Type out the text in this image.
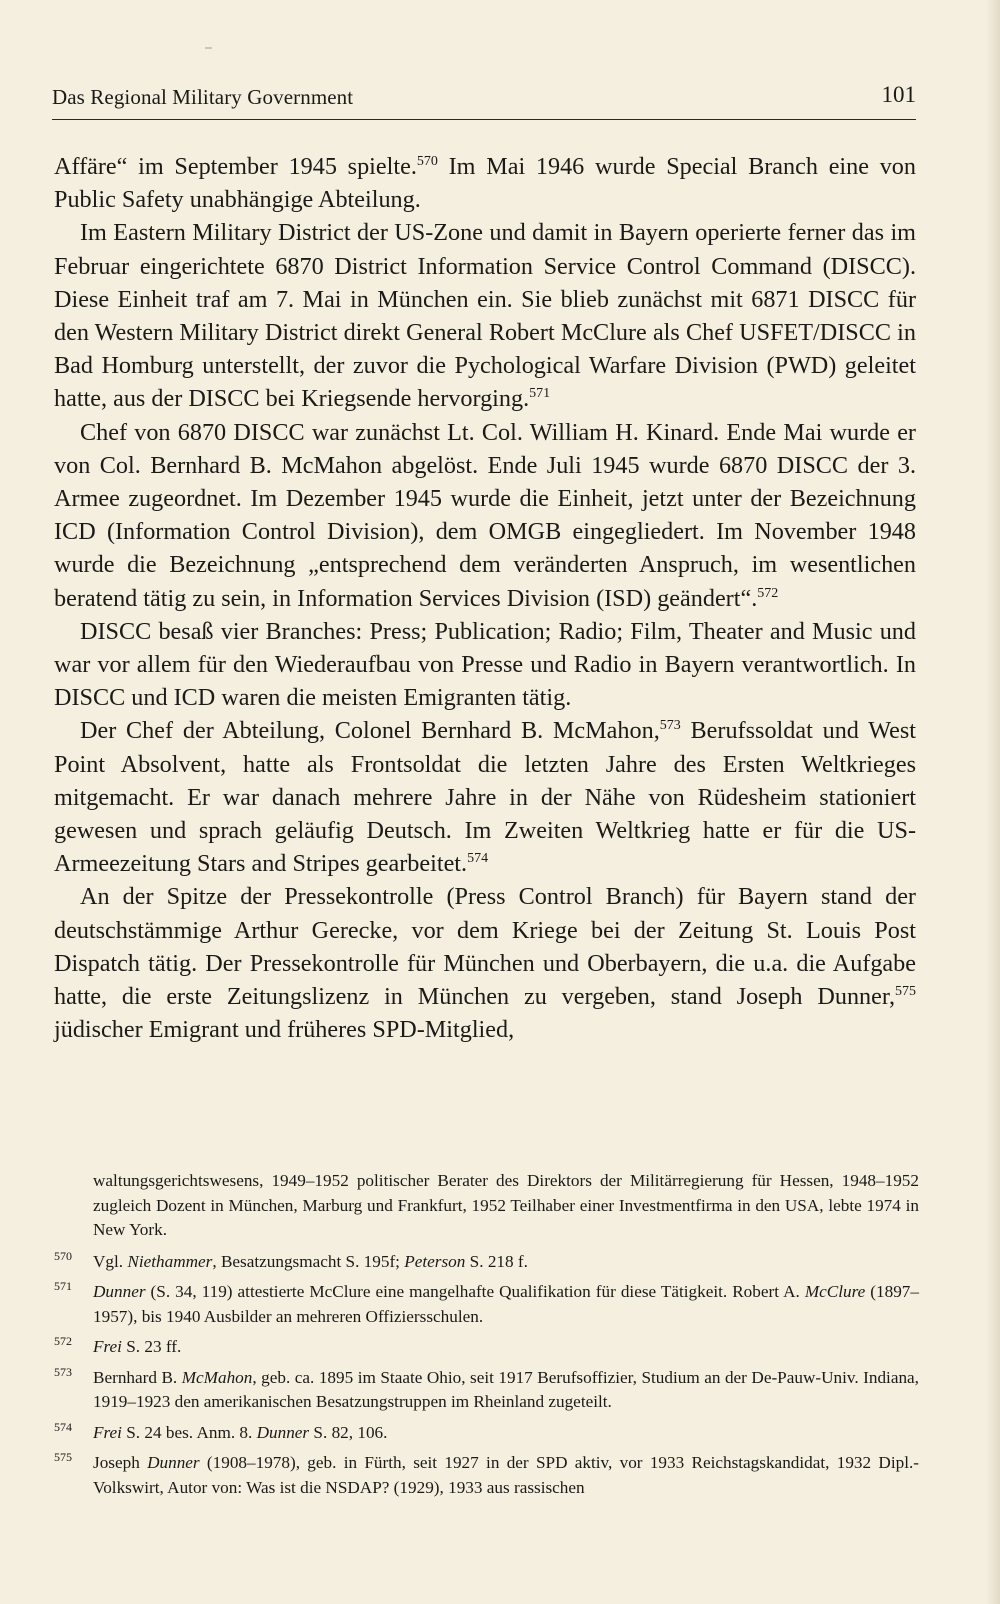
Das Regional Military Government	101

Affäre“ im September 1945 spielte.$^{570}$ Im Mai 1946 wurde Special Branch eine von Public Safety unabhängige Abteilung.

Im Eastern Military District der US-Zone und damit in Bayern operierte ferner das im Februar eingerichtete 6870 District Information Service Control Command (DISCC). Diese Einheit traf am 7. Mai in München ein. Sie blieb zunächst mit 6871 DISCC für den Western Military District direkt General Robert McClure als Chef USFET/DISCC in Bad Homburg unterstellt, der zuvor die Pychological Warfare Division (PWD) geleitet hatte, aus der DISCC bei Kriegsende hervorging.$^{571}$

Chef von 6870 DISCC war zunächst Lt. Col. William H. Kinard. Ende Mai wurde er von Col. Bernhard B. McMahon abgelöst. Ende Juli 1945 wurde 6870 DISCC der 3. Armee zugeordnet. Im Dezember 1945 wurde die Einheit, jetzt unter der Bezeichnung ICD (Information Control Division), dem OMGB eingegliedert. Im November 1948 wurde die Bezeichnung „entsprechend dem veränderten Anspruch, im wesentlichen beratend tätig zu sein, in Information Services Division (ISD) geändert“.$^{572}$

DISCC besaß vier Branches: Press; Publication; Radio; Film, Theater and Music und war vor allem für den Wiederaufbau von Presse und Radio in Bayern verantwortlich. In DISCC und ICD waren die meisten Emigranten tätig.

Der Chef der Abteilung, Colonel Bernhard B. McMahon,$^{573}$ Berufssoldat und West Point Absolvent, hatte als Frontsoldat die letzten Jahre des Ersten Weltkrieges mitgemacht. Er war danach mehrere Jahre in der Nähe von Rüdesheim stationiert gewesen und sprach geläufig Deutsch. Im Zweiten Weltkrieg hatte er für die US-Armeezeitung Stars and Stripes gearbeitet.$^{574}$

An der Spitze der Pressekontrolle (Press Control Branch) für Bayern stand der deutschstämmige Arthur Gerecke, vor dem Kriege bei der Zeitung St. Louis Post Dispatch tätig. Der Pressekontrolle für München und Oberbayern, die u.a. die Aufgabe hatte, die erste Zeitungslizenz in München zu vergeben, stand Joseph Dunner,$^{575}$ jüdischer Emigrant und früheres SPD-Mitglied,

waltungsgerichtswesens, 1949–1952 politischer Berater des Direktors der Militärregierung für Hessen, 1948–1952 zugleich Dozent in München, Marburg und Frankfurt, 1952 Teilhaber einer Investmentfirma in den USA, lebte 1974 in New York.

570 Vgl. Niethammer, Besatzungsmacht S. 195f; Peterson S. 218 f.

571 Dunner (S. 34, 119) attestierte McClure eine mangelhafte Qualifikation für diese Tätigkeit. Robert A. McClure (1897–1957), bis 1940 Ausbilder an mehreren Offiziersschulen.

572 Frei S. 23 ff.

573 Bernhard B. McMahon, geb. ca. 1895 im Staate Ohio, seit 1917 Berufsoffizier, Studium an der De-Pauw-Univ. Indiana, 1919–1923 den amerikanischen Besatzungstruppen im Rheinland zugeteilt.

574 Frei S. 24 bes. Anm. 8. Dunner S. 82, 106.

575 Joseph Dunner (1908–1978), geb. in Fürth, seit 1927 in der SPD aktiv, vor 1933 Reichstagskandidat, 1932 Dipl.-Volkswirt, Autor von: Was ist die NSDAP? (1929), 1933 aus rassischen
